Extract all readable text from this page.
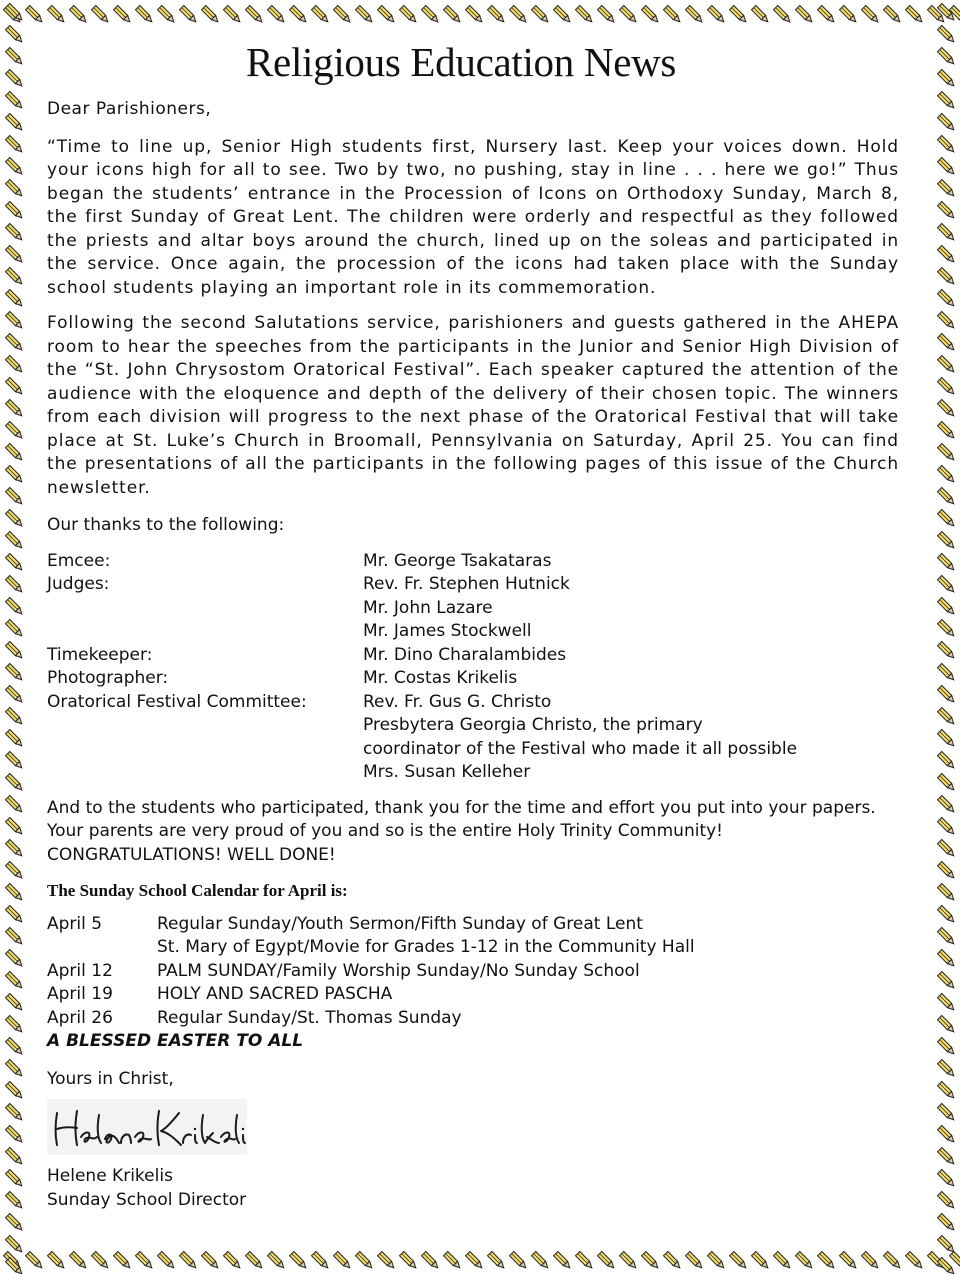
Religious Education News

Dear Parishioners,

“Time to line up, Senior High students first, Nursery last. Keep your voices down. Hold your icons high for all to see. Two by two, no pushing, stay in line . . . here we go!” Thus began the students’ entrance in the Procession of Icons on Orthodoxy Sunday, March 8, the first Sunday of Great Lent. The children were orderly and respectful as they followed the priests and altar boys around the church, lined up on the soleas and participated in the service. Once again, the procession of the icons had taken place with the Sunday school students playing an important role in its commemoration.

Following the second Salutations service, parishioners and guests gathered in the AHEPA room to hear the speeches from the participants in the Junior and Senior High Division of the “St. John Chrysostom Oratorical Festival”. Each speaker captured the attention of the audience with the eloquence and depth of the delivery of their chosen topic. The winners from each division will progress to the next phase of the Oratorical Festival that will take place at St. Luke’s Church in Broomall, Pennsylvania on Saturday, April 25. You can find the presentations of all the participants in the following pages of this issue of the Church newsletter.

Our thanks to the following:

Emcee:	Mr. George Tsakataras

Judges:	Rev. Fr. Stephen Hutnick
Mr. John Lazare
Mr. James Stockwell

Timekeeper:	Mr. Dino Charalambides

Photographer:	Mr. Costas Krikelis

Oratorical Festival Committee:	Rev. Fr. Gus G. Christo
Presbytera Georgia Christo, the primary
coordinator of the Festival who made it all possible
Mrs. Susan Kelleher

And to the students who participated, thank you for the time and effort you put into your papers. Your parents are very proud of you and so is the entire Holy Trinity Community! CONGRATULATIONS! WELL DONE!

The Sunday School Calendar for April is:
April 5	Regular Sunday/Youth Sermon/Fifth Sunday of Great Lent
St. Mary of Egypt/Movie for Grades 1-12 in the Community Hall

April 12	PALM SUNDAY/Family Worship Sunday/No Sunday School

April 19	HOLY AND SACRED PASCHA

April 26	Regular Sunday/St. Thomas Sunday

A BLESSED EASTER TO ALL

Yours in Christ,

Helene Krikelis

Sunday School Director
